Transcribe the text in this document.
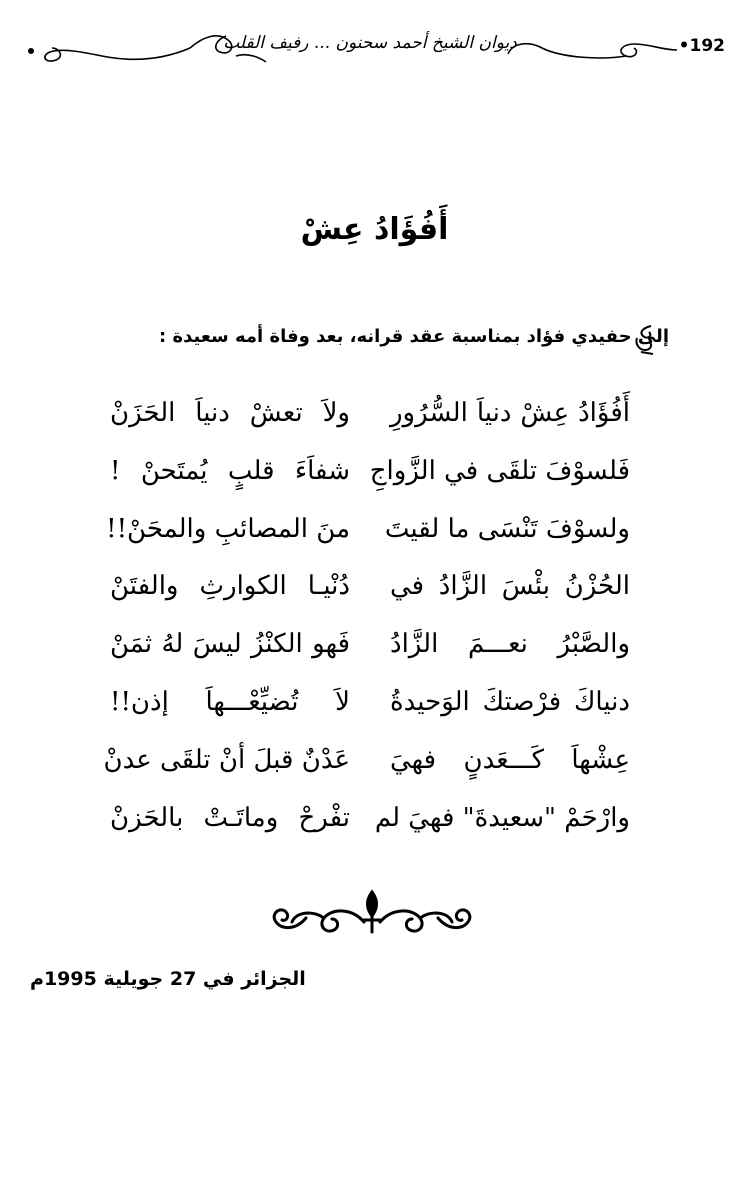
•192
ديوان الشيخ أحمد سحنون ... رفيف القلب
أَفُؤَادُ عِشْ
إلى حفيدي فؤاد بمناسبة عقد قرانه، بعد وفاة أمه سعيدة :
أَفُؤَادُ عِشْ دنياَ السُّرُورِ
ولاَ تعشْ دنياَ الحَزَنْ
فَلسوْفَ تلقَى في الزَّواجِ
شفاَءَ قلبٍ يُمتَحنْ !
ولسوْفَ تَنْسَى ما لقيتَ
منَ المصائبِ والمحَنْ!!
الحُزْنُ بئْسَ الزَّادُ في
دُنْيـا الكوارثِ والفتَنْ
والصَّبْرُ نعـــمَ الزَّادُ
فَهو الكنْزُ ليسَ لهُ ثمَنْ
دنياكَ فرْصتكَ الوَحيدةُ
لاَ تُضيِّعْـــهاَ إذن!!
عِشْهاَ كَـــعَدنٍ فهيَ
عَدْنٌ قبلَ أنْ تلقَى عدنْ
وارْحَمْ "سعيدةَ" فهيَ لم
تفْرحْ وماتَـتْ بالحَزنْ
الجزائر في 27 جويلية 1995م
